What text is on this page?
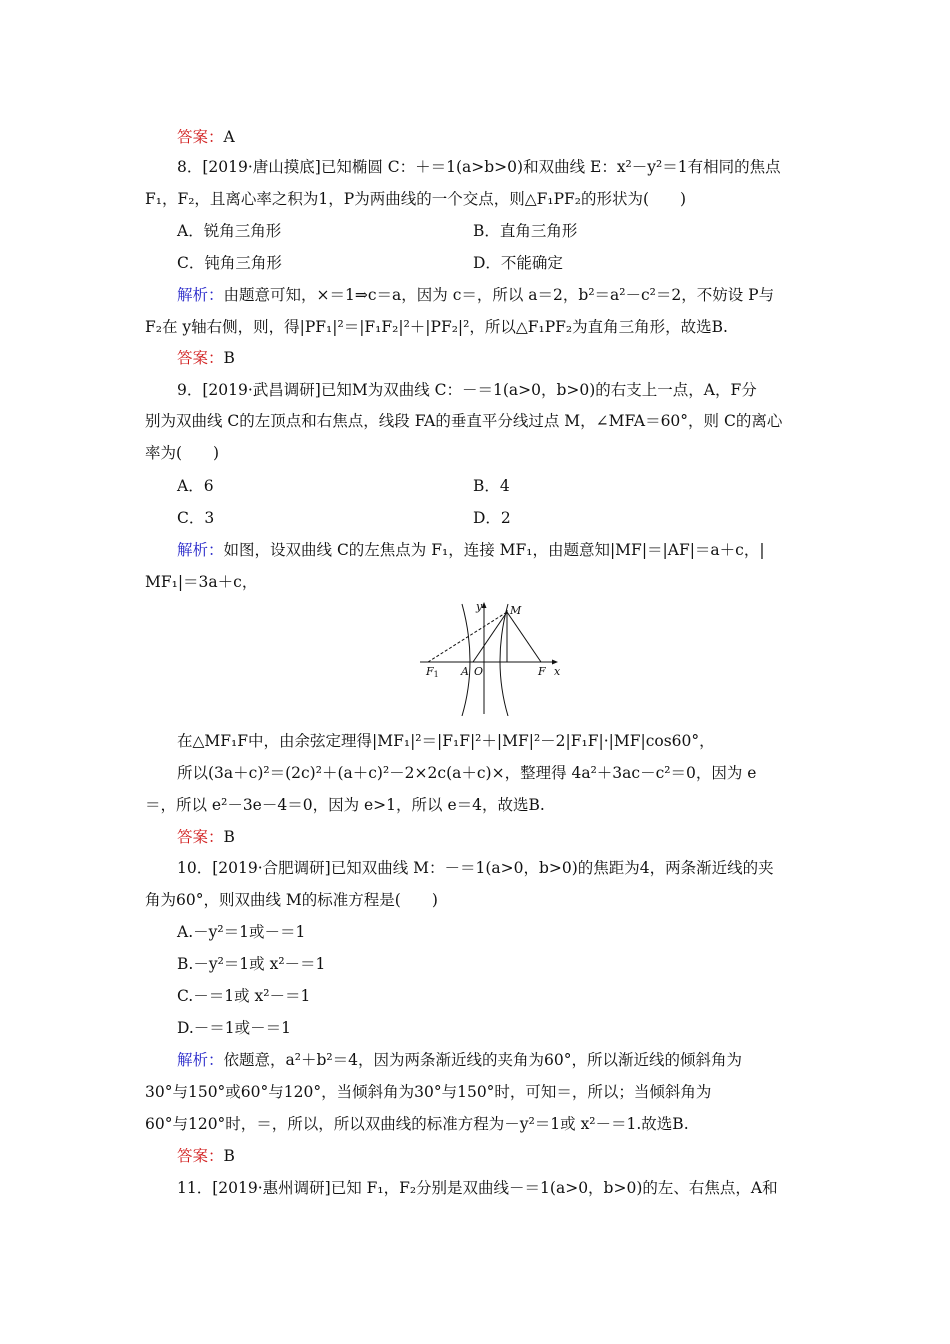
答案：A
8．[2019·唐山摸底]已知椭圆 C：＋＝1(a>b>0)和双曲线 E：x²－y²＝1有相同的焦点
F₁，F₂，且离心率之积为1，P为两曲线的一个交点，则△F₁PF₂的形状为(　　)
A．锐角三角形	B．直角三角形
C．钝角三角形	D．不能确定
解析：由题意可知，×＝1⇒c＝a，因为 c＝，所以 a＝2，b²＝a²－c²＝2，不妨设 P与
F₂在 y轴右侧，则，得|PF₁|²＝|F₁F₂|²＋|PF₂|²，所以△F₁PF₂为直角三角形，故选B.
答案：B
9．[2019·武昌调研]已知M为双曲线 C：－＝1(a>0，b>0)的右支上一点，A，F分
别为双曲线 C的左顶点和右焦点，线段 FA的垂直平分线过点 M，∠MFA＝60°，则 C的离心
率为(　　)
A．6	B．4
C．3	D．2
解析：如图，设双曲线 C的左焦点为 F₁，连接 MF₁，由题意知|MF|＝|AF|＝a＋c，|
MF₁|＝3a＋c，
y	M
F1 A O	F x
在△MF₁F中，由余弦定理得|MF₁|²＝|F₁F|²＋|MF|²－2|F₁F|·|MF|cos60°，
所以(3a＋c)²＝(2c)²＋(a＋c)²－2×2c(a＋c)×，整理得 4a²＋3ac－c²＝0，因为 e
＝，所以 e²－3e－4＝0，因为 e>1，所以 e＝4，故选B.
答案：B
10．[2019·合肥调研]已知双曲线 M：－＝1(a>0，b>0)的焦距为4，两条渐近线的夹
角为60°，则双曲线 M的标准方程是(　　)
A.－y²＝1或－＝1
B.－y²＝1或 x²－＝1
C.－＝1或 x²－＝1
D.－＝1或－＝1
解析：依题意，a²＋b²＝4，因为两条渐近线的夹角为60°，所以渐近线的倾斜角为
30°与150°或60°与120°，当倾斜角为30°与150°时，可知＝，所以；当倾斜角为
60°与120°时，＝，所以，所以双曲线的标准方程为－y²＝1或 x²－＝1.故选B.
答案：B
11．[2019·惠州调研]已知 F₁，F₂分别是双曲线－＝1(a>0，b>0)的左、右焦点，A和
